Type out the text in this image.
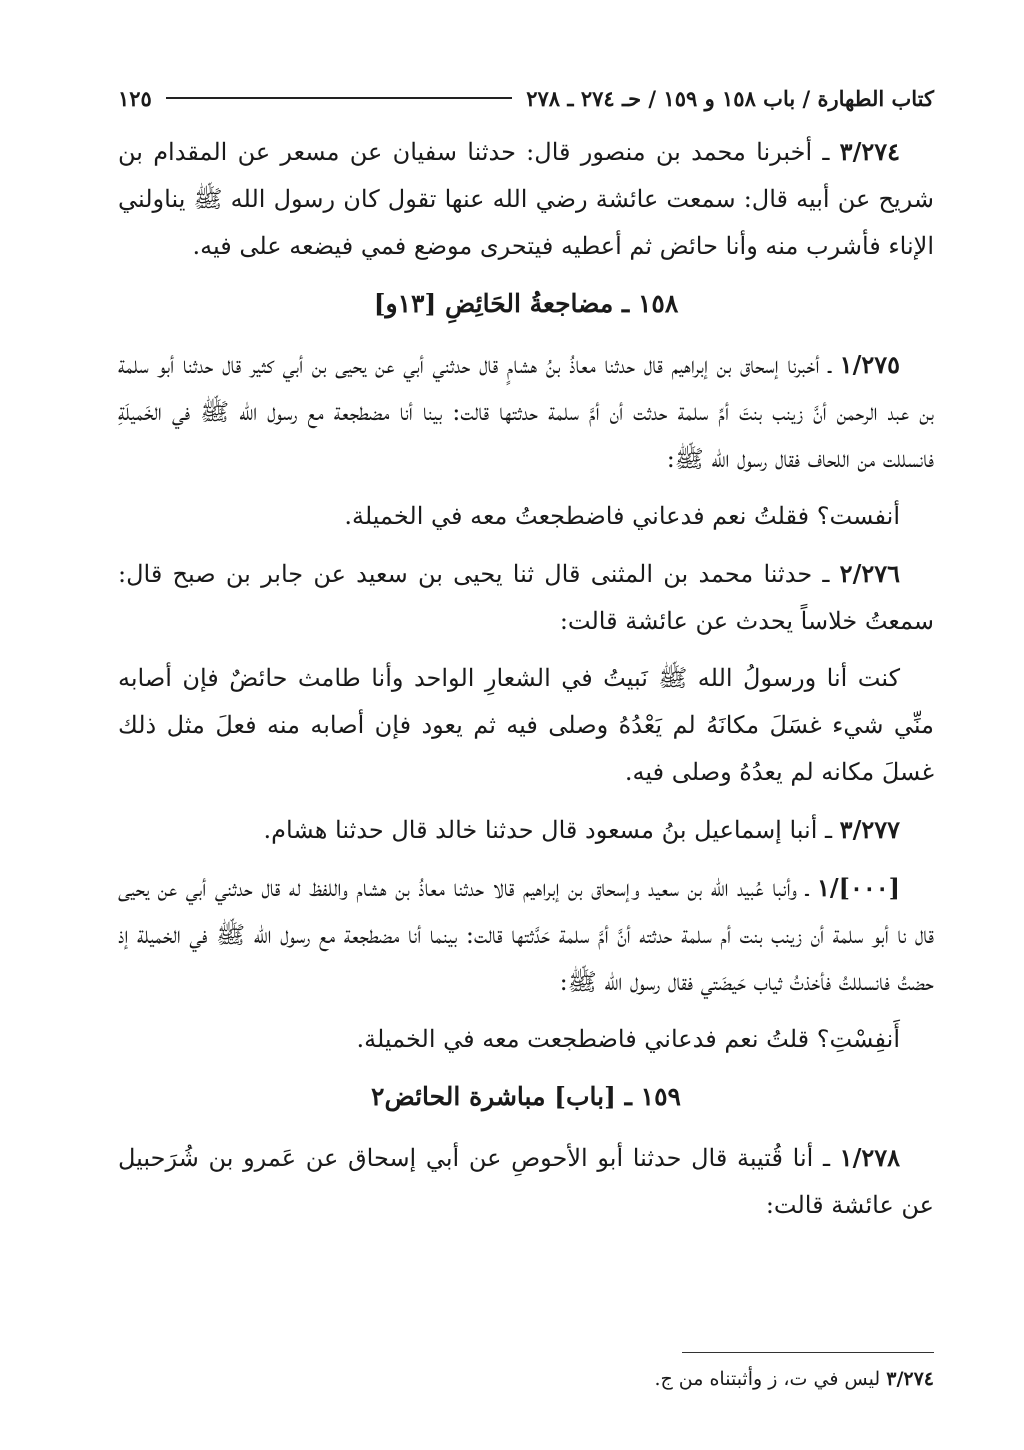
كتاب الطهارة / باب ١٥٨ و ١٥٩ / حـ ٢٧٤ ـ ٢٧٨
١٢٥

٣/٢٧٤ ـ أخبرنا محمد بن منصور قال: حدثنا سفيان عن مسعر عن المقدام بن شريح عن أبيه قال: سمعت عائشة رضي الله عنها تقول كان رسول الله ﷺ يناولني الإناء فأشرب منه وأنا حائض ثم أعطيه فيتحرى موضع فمي فيضعه على فيه.

١٥٨ ـ مضاجعةُ الحَائِضِ [١٣و]

١/٢٧٥ ـ أخبرنا إسحاق بن إبراهيم قال حدثنا معاذُ بنُ هشامٍ قال حدثني أبي عن يحيى بن أبي كثير قال حدثنا أبو سلمة بن عبد الرحمن أنَّ زينب بنتَ أمِّ سلمة حدثت أن أمَّ سلمة حدثتها قالت: بينا أنا مضطجعة مع رسول الله ﷺ في الخَميلَةِ فانسللت من اللحاف فقال رسول الله ﷺ:

أنفست؟ فقلتُ نعم فدعاني فاضطجعتُ معه في الخميلة.

٢/٢٧٦ ـ حدثنا محمد بن المثنى قال ثنا يحيى بن سعيد عن جابر بن صبح قال: سمعتُ خلاساً يحدث عن عائشة قالت:

كنت أنا ورسولُ الله ﷺ نَبيتُ في الشعارِ الواحد وأنا طامث حائضٌ فإن أصابه منِّي شيء غسَلَ مكانَهُ لم يَعْدُهُ وصلى فيه ثم يعود فإن أصابه منه فعلَ مثل ذلك غسلَ مكانه لم يعدُهُ وصلى فيه.

٣/٢٧٧ ـ أنبا إسماعيل بنُ مسعود قال حدثنا خالد قال حدثنا هشام.

[٠٠٠]/١ ـ وأنبا عُبيد الله بن سعيد وإسحاق بن إبراهيم قالا حدثنا معاذُ بن هشام واللفظ له قال حدثني أبي عن يحيى قال نا أبو سلمة أن زينب بنت أم سلمة حدثته أنَّ أمَّ سلمة حَدَّثتها قالت: بينما أنا مضطجعة مع رسول الله ﷺ في الخميلة إذ حضتُ فانسللتُ فأخذتُ ثياب حَيضَتي فقال رسول الله ﷺ:

أَنفِسْتِ؟ قلتُ نعم فدعاني فاضطجعت معه في الخميلة.

١٥٩ ـ [باب] مباشرة الحائض٢

١/٢٧٨ ـ أنا قُتيبة قال حدثنا أبو الأحوصِ عن أبي إسحاق عن عَمرو بن شُرَحبيل عن عائشة قالت:

٣/٢٧٤ ليس في ت، ز وأثبتناه من ج.
